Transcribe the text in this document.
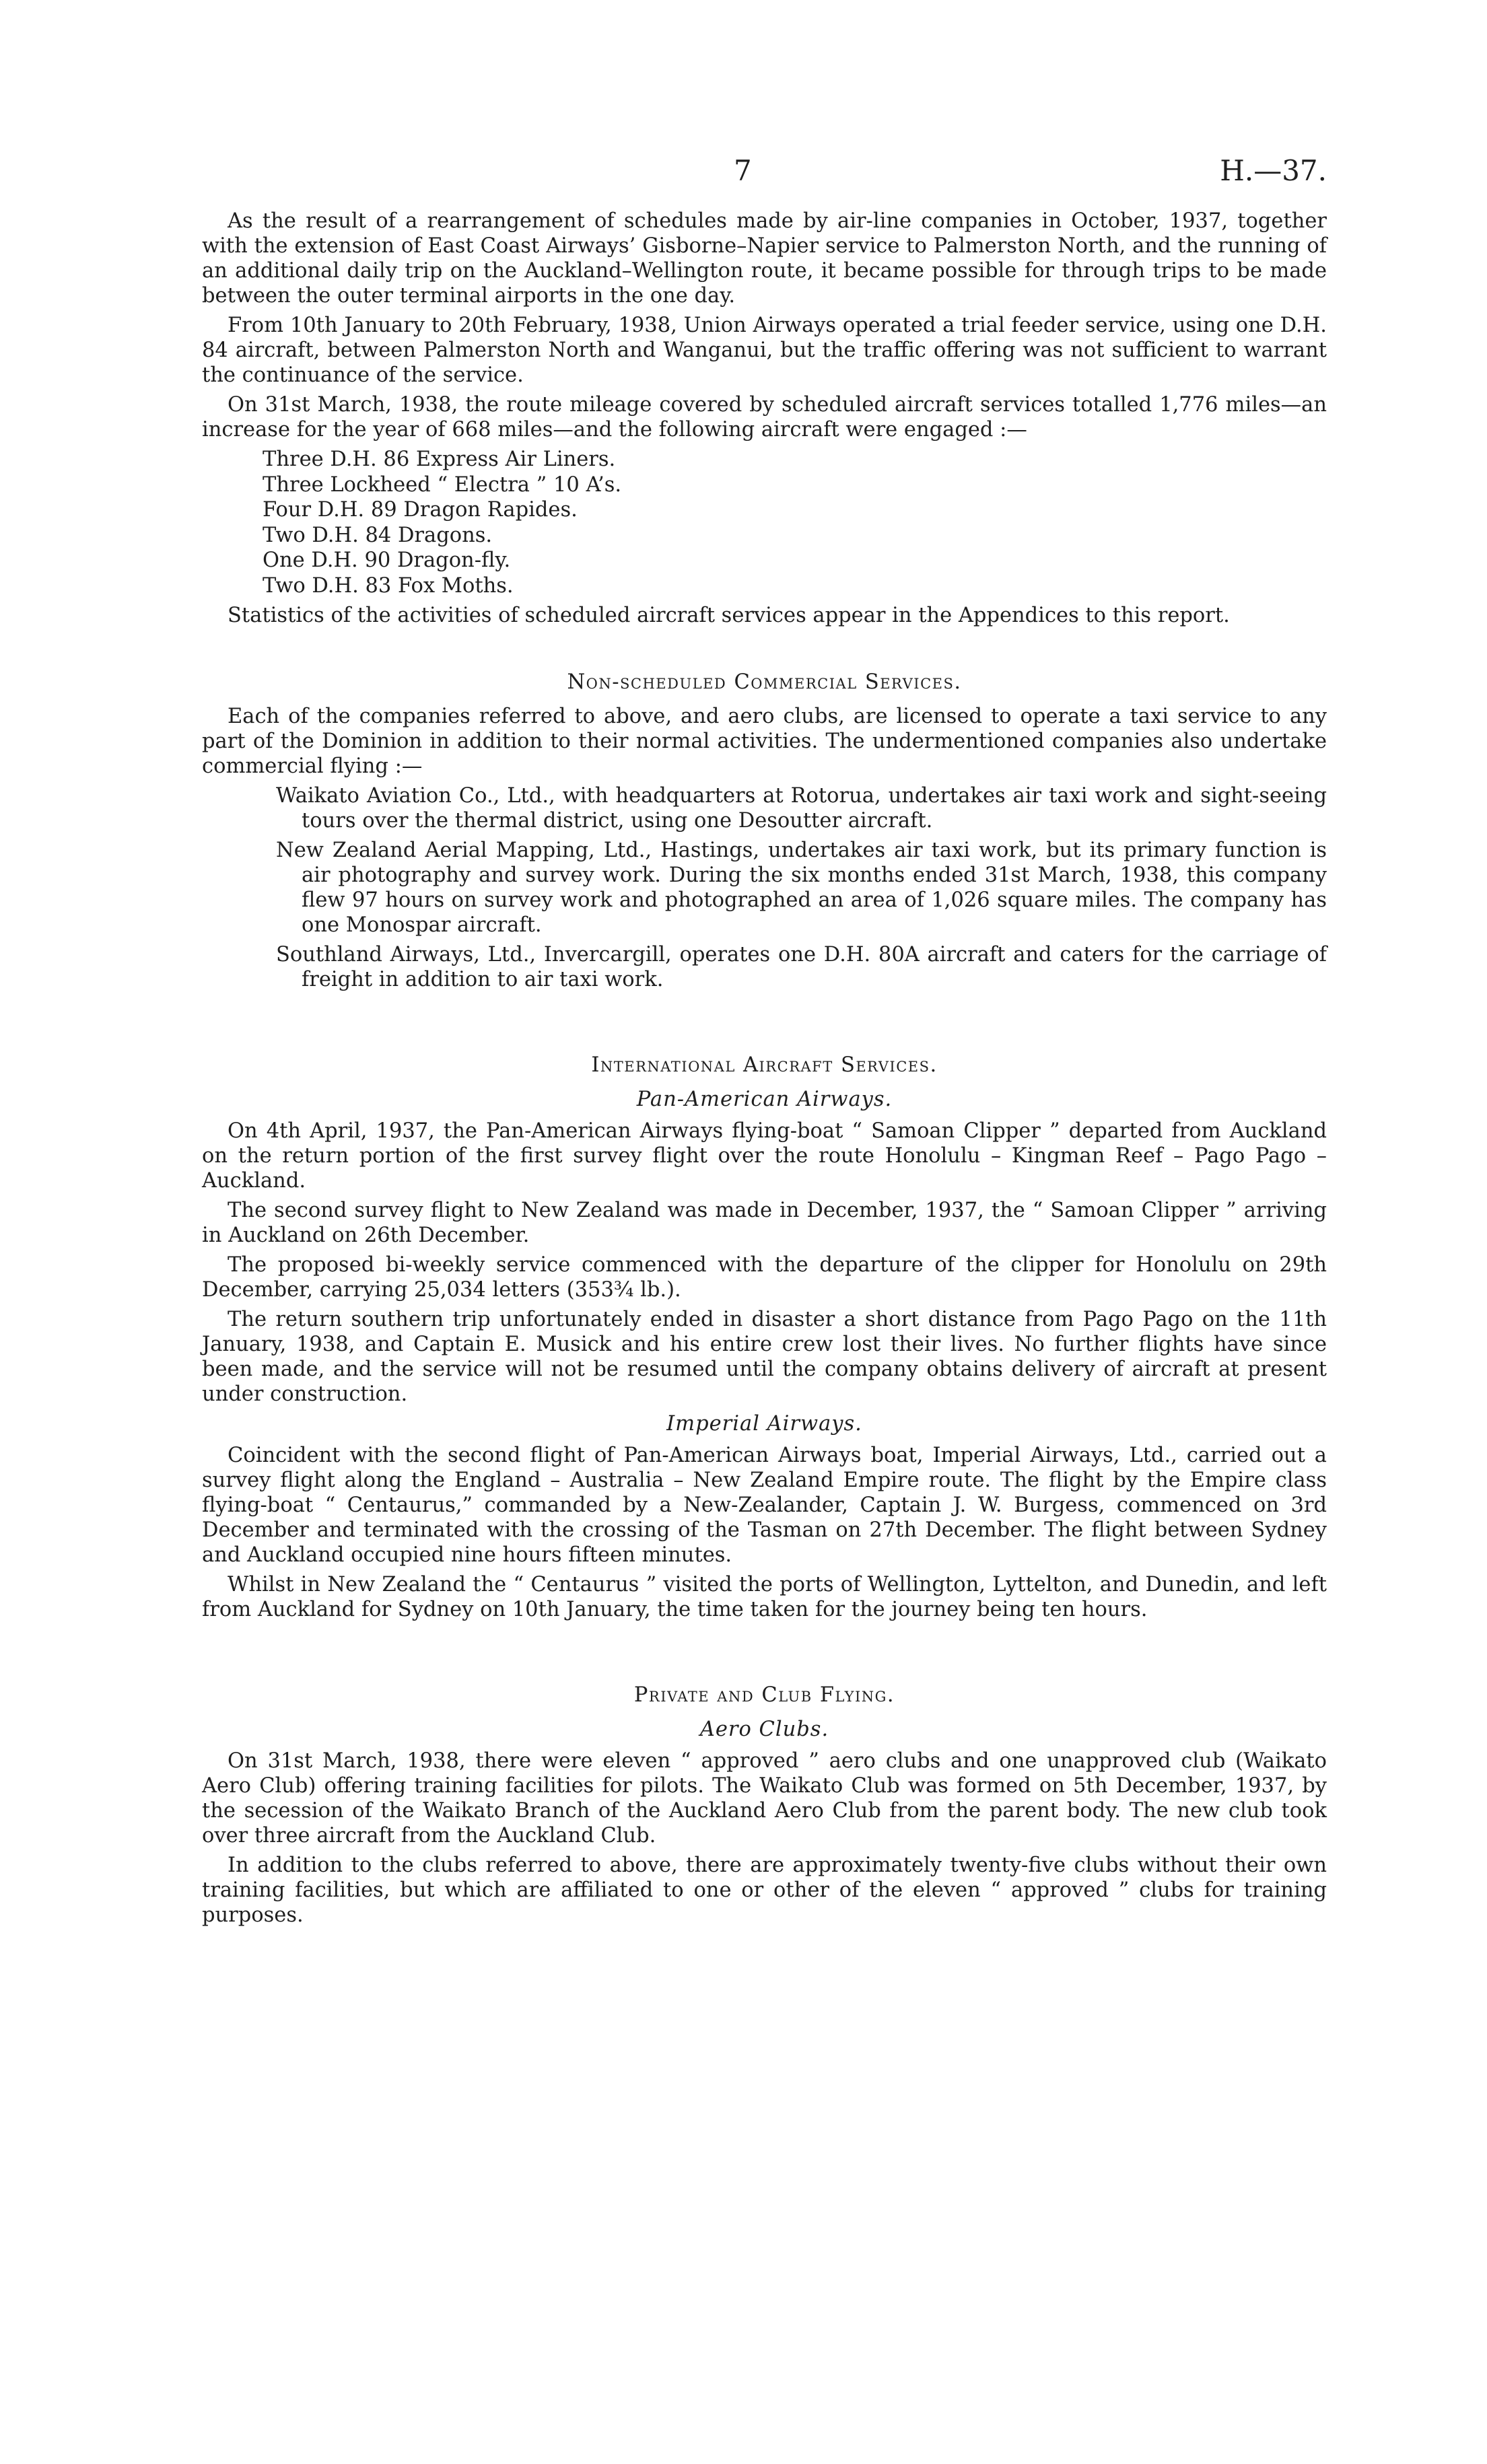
7	H.—37.

As the result of a rearrangement of schedules made by air-line companies in October, 1937, together with the extension of East Coast Airways’ Gisborne–Napier service to Palmerston North, and the running of an additional daily trip on the Auckland–Wellington route, it became possible for through trips to be made between the outer terminal airports in the one day.

From 10th January to 20th February, 1938, Union Airways operated a trial feeder service, using one D.H. 84 aircraft, between Palmerston North and Wanganui, but the traffic offering was not sufficient to warrant the continuance of the service.

On 31st March, 1938, the route mileage covered by scheduled aircraft services totalled 1,776 miles—an increase for the year of 668 miles—and the following aircraft were engaged :—

Three D.H. 86 Express Air Liners.
Three Lockheed “ Electra ” 10 A’s.
Four D.H. 89 Dragon Rapides.
Two D.H. 84 Dragons.
One D.H. 90 Dragon-fly.
Two D.H. 83 Fox Moths.

Statistics of the activities of scheduled aircraft services appear in the Appendices to this report.

Non-scheduled Commercial Services.

Each of the companies referred to above, and aero clubs, are licensed to operate a taxi service to any part of the Dominion in addition to their normal activities. The undermentioned companies also undertake commercial flying :—

Waikato Aviation Co., Ltd., with headquarters at Rotorua, undertakes air taxi work and sight-seeing tours over the thermal district, using one Desoutter aircraft.

New Zealand Aerial Mapping, Ltd., Hastings, undertakes air taxi work, but its primary function is air photography and survey work. During the six months ended 31st March, 1938, this company flew 97 hours on survey work and photographed an area of 1,026 square miles. The company has one Monospar aircraft.

Southland Airways, Ltd., Invercargill, operates one D.H. 80A aircraft and caters for the carriage of freight in addition to air taxi work.

International Aircraft Services.

Pan-American Airways.

On 4th April, 1937, the Pan-American Airways flying-boat “ Samoan Clipper ” departed from Auckland on the return portion of the first survey flight over the route Honolulu – Kingman Reef – Pago Pago – Auckland.

The second survey flight to New Zealand was made in December, 1937, the “ Samoan Clipper ” arriving in Auckland on 26th December.

The proposed bi-weekly service commenced with the departure of the clipper for Honolulu on 29th December, carrying 25,034 letters (353¾ lb.).

The return southern trip unfortunately ended in disaster a short distance from Pago Pago on the 11th January, 1938, and Captain E. Musick and his entire crew lost their lives. No further flights have since been made, and the service will not be resumed until the company obtains delivery of aircraft at present under construction.

Imperial Airways.

Coincident with the second flight of Pan-American Airways boat, Imperial Airways, Ltd., carried out a survey flight along the England – Australia – New Zealand Empire route. The flight by the Empire class flying-boat “ Centaurus,” commanded by a New-Zealander, Captain J. W. Burgess, commenced on 3rd December and terminated with the crossing of the Tasman on 27th December. The flight between Sydney and Auckland occupied nine hours fifteen minutes.

Whilst in New Zealand the “ Centaurus ” visited the ports of Wellington, Lyttelton, and Dunedin, and left from Auckland for Sydney on 10th January, the time taken for the journey being ten hours.

Private and Club Flying.

Aero Clubs.

On 31st March, 1938, there were eleven “ approved ” aero clubs and one unapproved club (Waikato Aero Club) offering training facilities for pilots. The Waikato Club was formed on 5th December, 1937, by the secession of the Waikato Branch of the Auckland Aero Club from the parent body. The new club took over three aircraft from the Auckland Club.

In addition to the clubs referred to above, there are approximately twenty-five clubs without their own training facilities, but which are affiliated to one or other of the eleven “ approved ” clubs for training purposes.
